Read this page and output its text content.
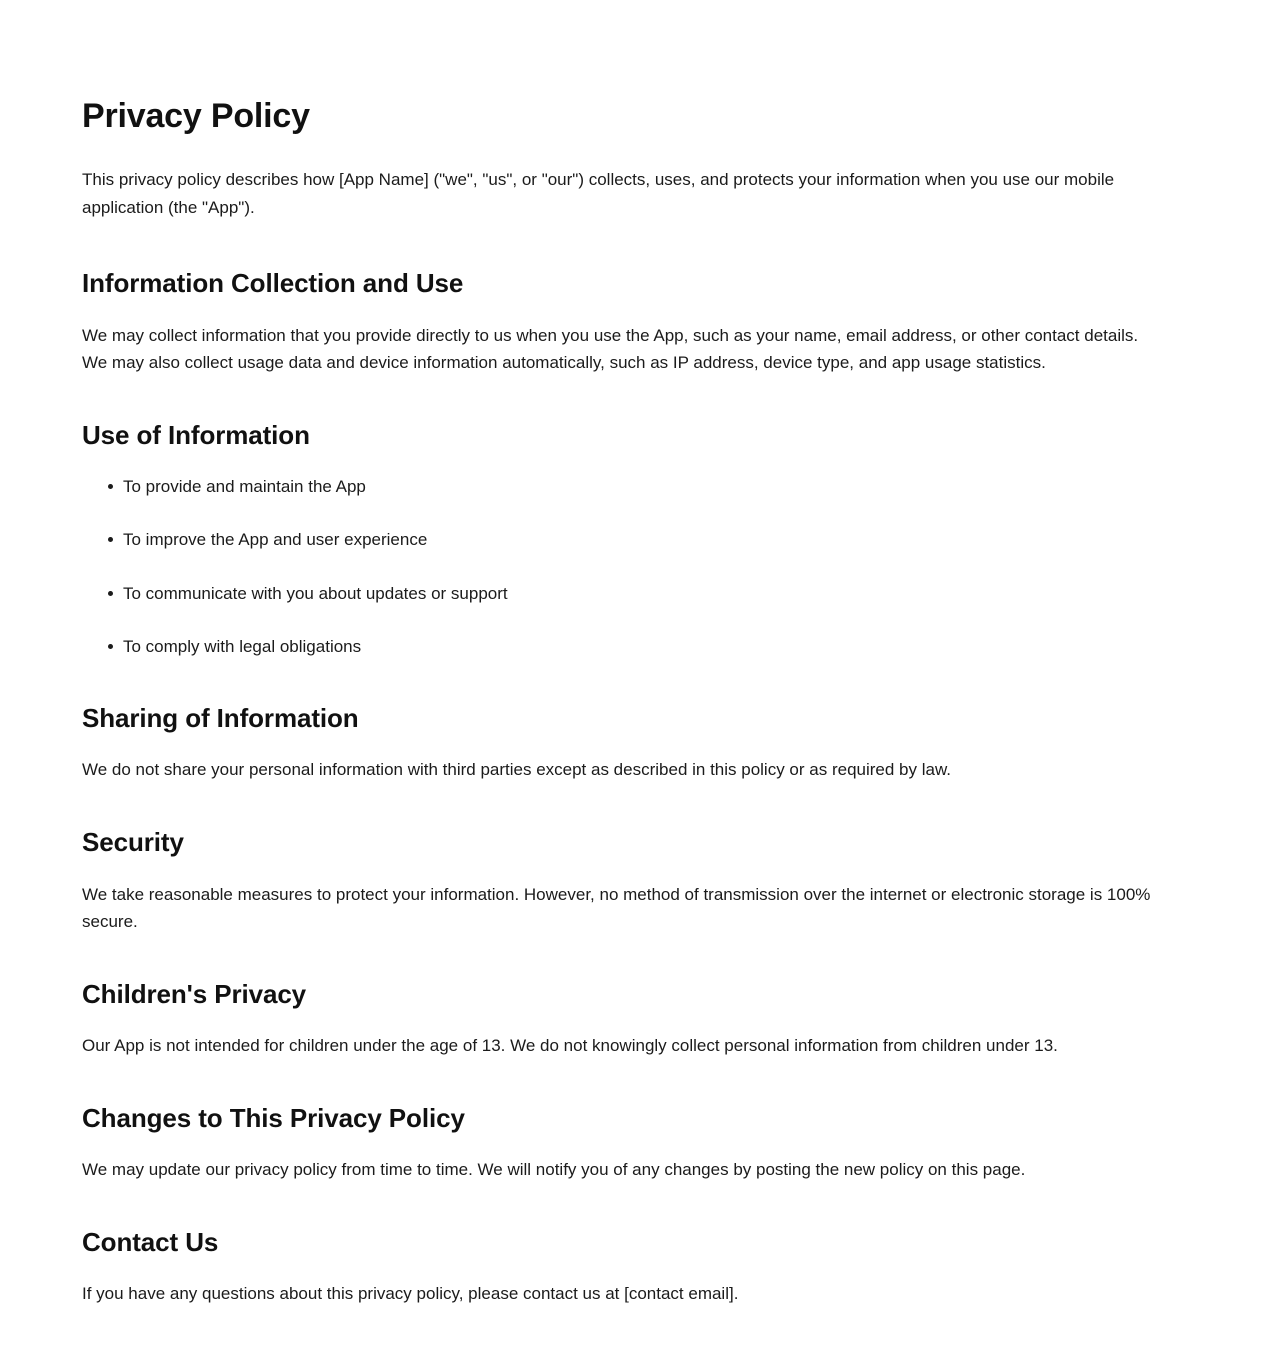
Privacy Policy

This privacy policy describes how [App Name] ("we", "us", or "our") collects, uses, and protects your information when you use our mobile application (the "App").

Information Collection and Use

We may collect information that you provide directly to us when you use the App, such as your name, email address, or other contact details. We may also collect usage data and device information automatically, such as IP address, device type, and app usage statistics.

Use of Information
To provide and maintain the App
To improve the App and user experience
To communicate with you about updates or support
To comply with legal obligations
Sharing of Information

We do not share your personal information with third parties except as described in this policy or as required by law.

Security

We take reasonable measures to protect your information. However, no method of transmission over the internet or electronic storage is 100% secure.

Children's Privacy

Our App is not intended for children under the age of 13. We do not knowingly collect personal information from children under 13.

Changes to This Privacy Policy

We may update our privacy policy from time to time. We will notify you of any changes by posting the new policy on this page.

Contact Us

If you have any questions about this privacy policy, please contact us at [contact email].
